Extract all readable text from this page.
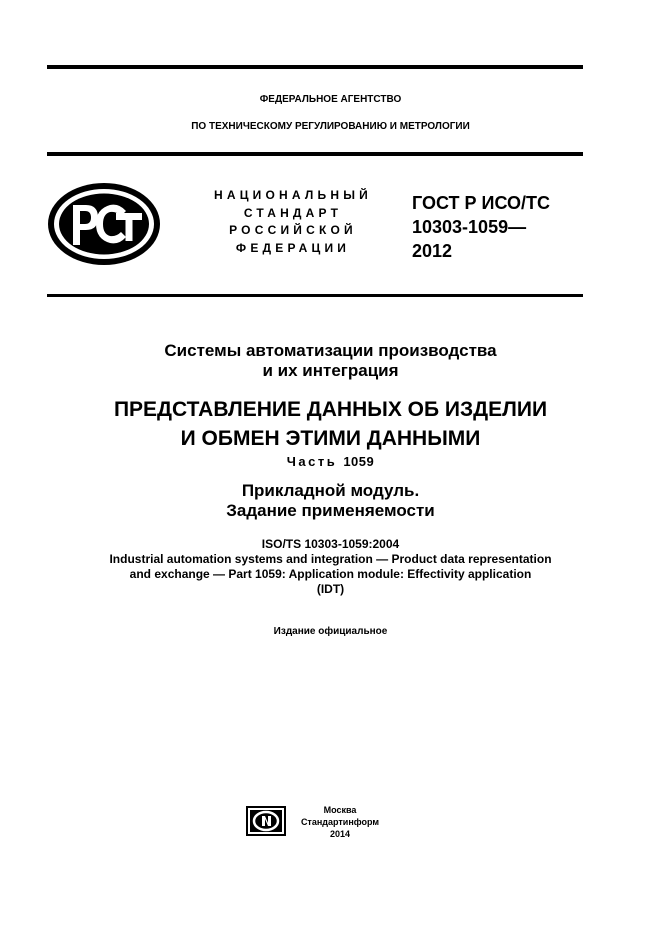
ФЕДЕРАЛЬНОЕ АГЕНТСТВО
ПО ТЕХНИЧЕСКОМУ РЕГУЛИРОВАНИЮ И МЕТРОЛОГИИ
НАЦИОНАЛЬНЫЙ
СТАНДАРТ
РОССИЙСКОЙ
ФЕДЕРАЦИИ
ГОСТ Р ИСО/ТС
10303-1059—
2012
Системы автоматизации производства
и их интеграция
ПРЕДСТАВЛЕНИЕ ДАННЫХ ОБ ИЗДЕЛИИ
И ОБМЕН ЭТИМИ ДАННЫМИ
Часть 1059
Прикладной модуль.
Задание применяемости
ISO/TS 10303-1059:2004
Industrial automation systems and integration — Product data representation
and exchange — Part 1059: Application module: Effectivity application
(IDT)
Издание официальное
Москва
Стандартинформ
2014
